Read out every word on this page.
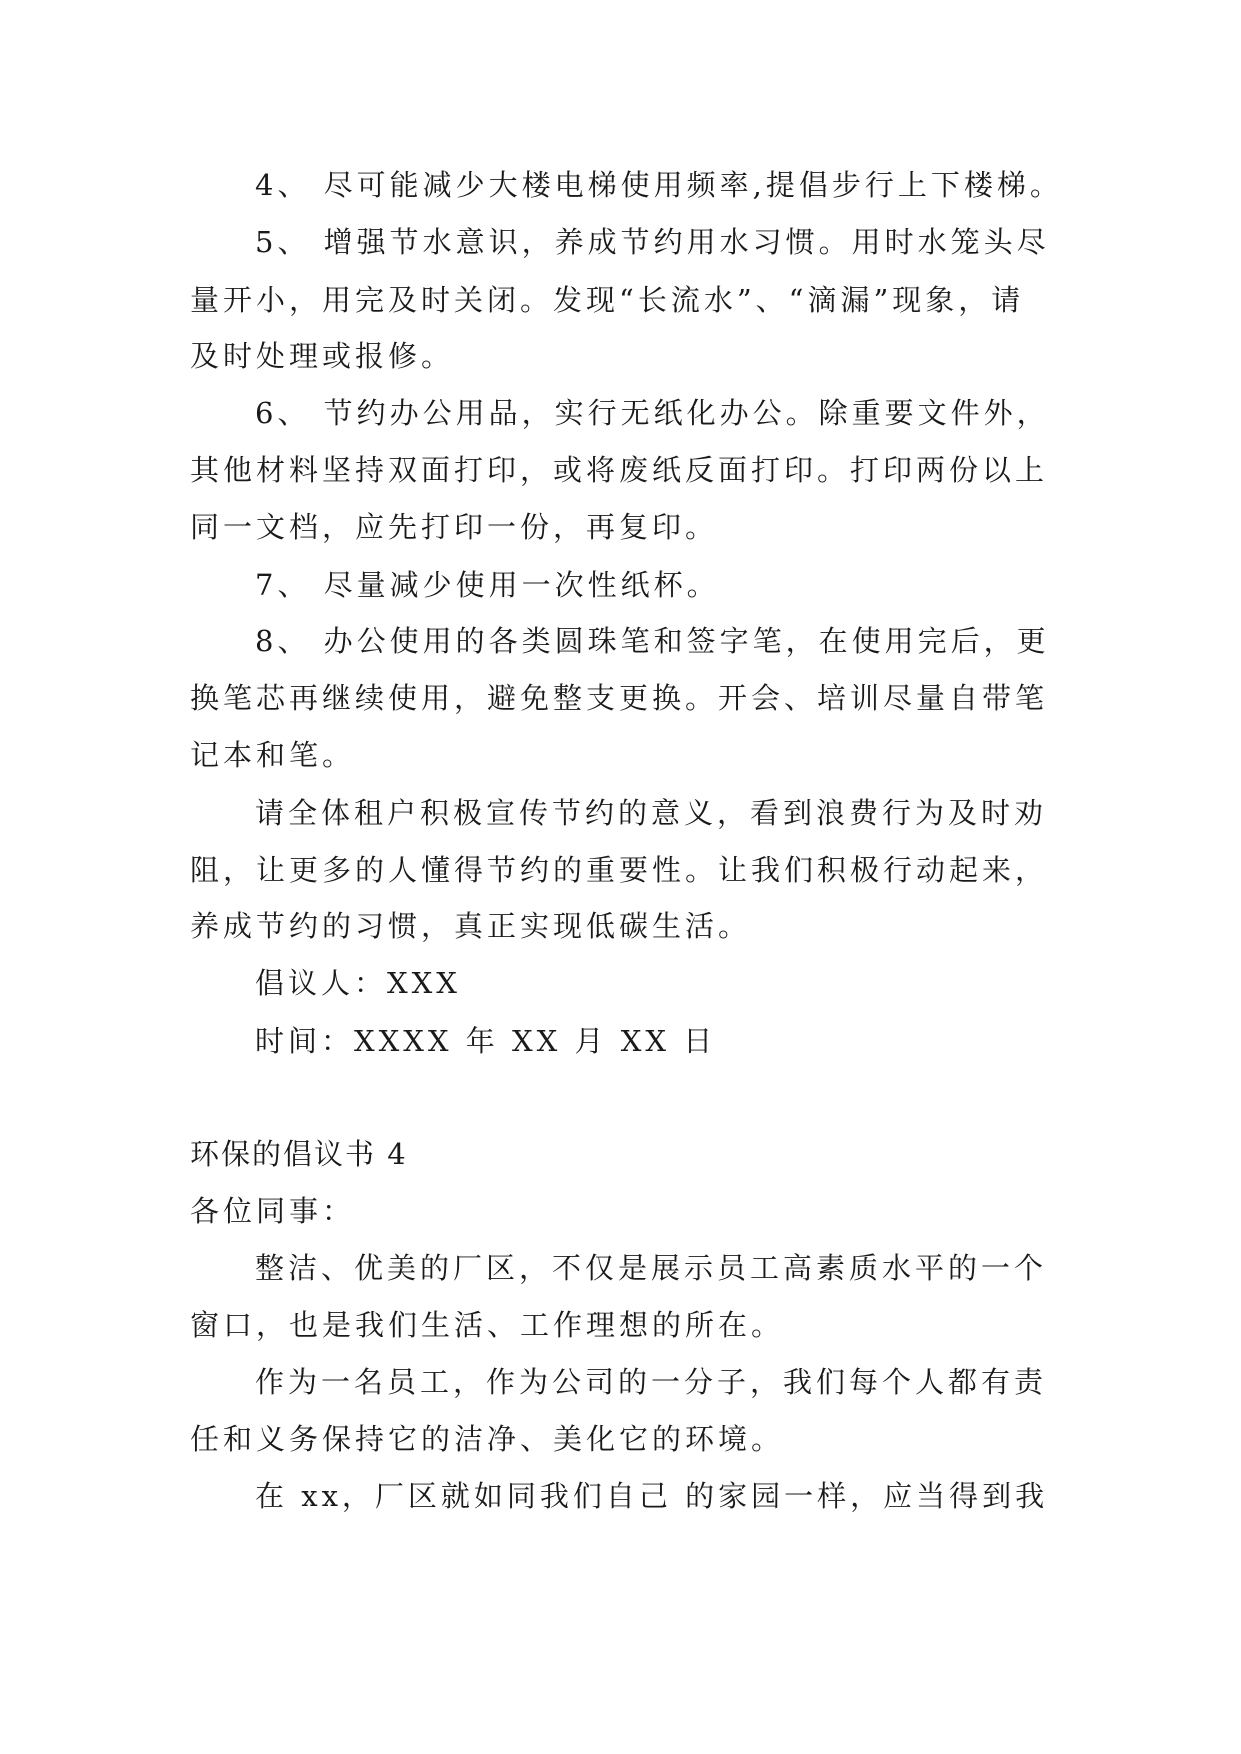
4、 尽可能减少大楼电梯使用频率,提倡步行上下楼梯。
5、 增强节水意识，养成节约用水习惯。用时水笼头尽
量开小，用完及时关闭。发现“长流水”、“滴漏”现象，请
及时处理或报修。
6、 节约办公用品，实行无纸化办公。除重要文件外，
其他材料坚持双面打印，或将废纸反面打印。打印两份以上
同一文档，应先打印一份，再复印。
7、 尽量减少使用一次性纸杯。
8、 办公使用的各类圆珠笔和签字笔，在使用完后，更
换笔芯再继续使用，避免整支更换。开会、培训尽量自带笔
记本和笔。
请全体租户积极宣传节约的意义，看到浪费行为及时劝
阻，让更多的人懂得节约的重要性。让我们积极行动起来，
养成节约的习惯，真正实现低碳生活。
倡议人：XXX
时间：XXXX 年 XX 月 XX 日
环保的倡议书 4
各位同事：
整洁、优美的厂区，不仅是展示员工高素质水平的一个
窗口，也是我们生活、工作理想的所在。
作为一名员工，作为公司的一分子，我们每个人都有责
任和义务保持它的洁净、美化它的环境。
在 xx，厂区就如同我们自己 的家园一样，应当得到我
